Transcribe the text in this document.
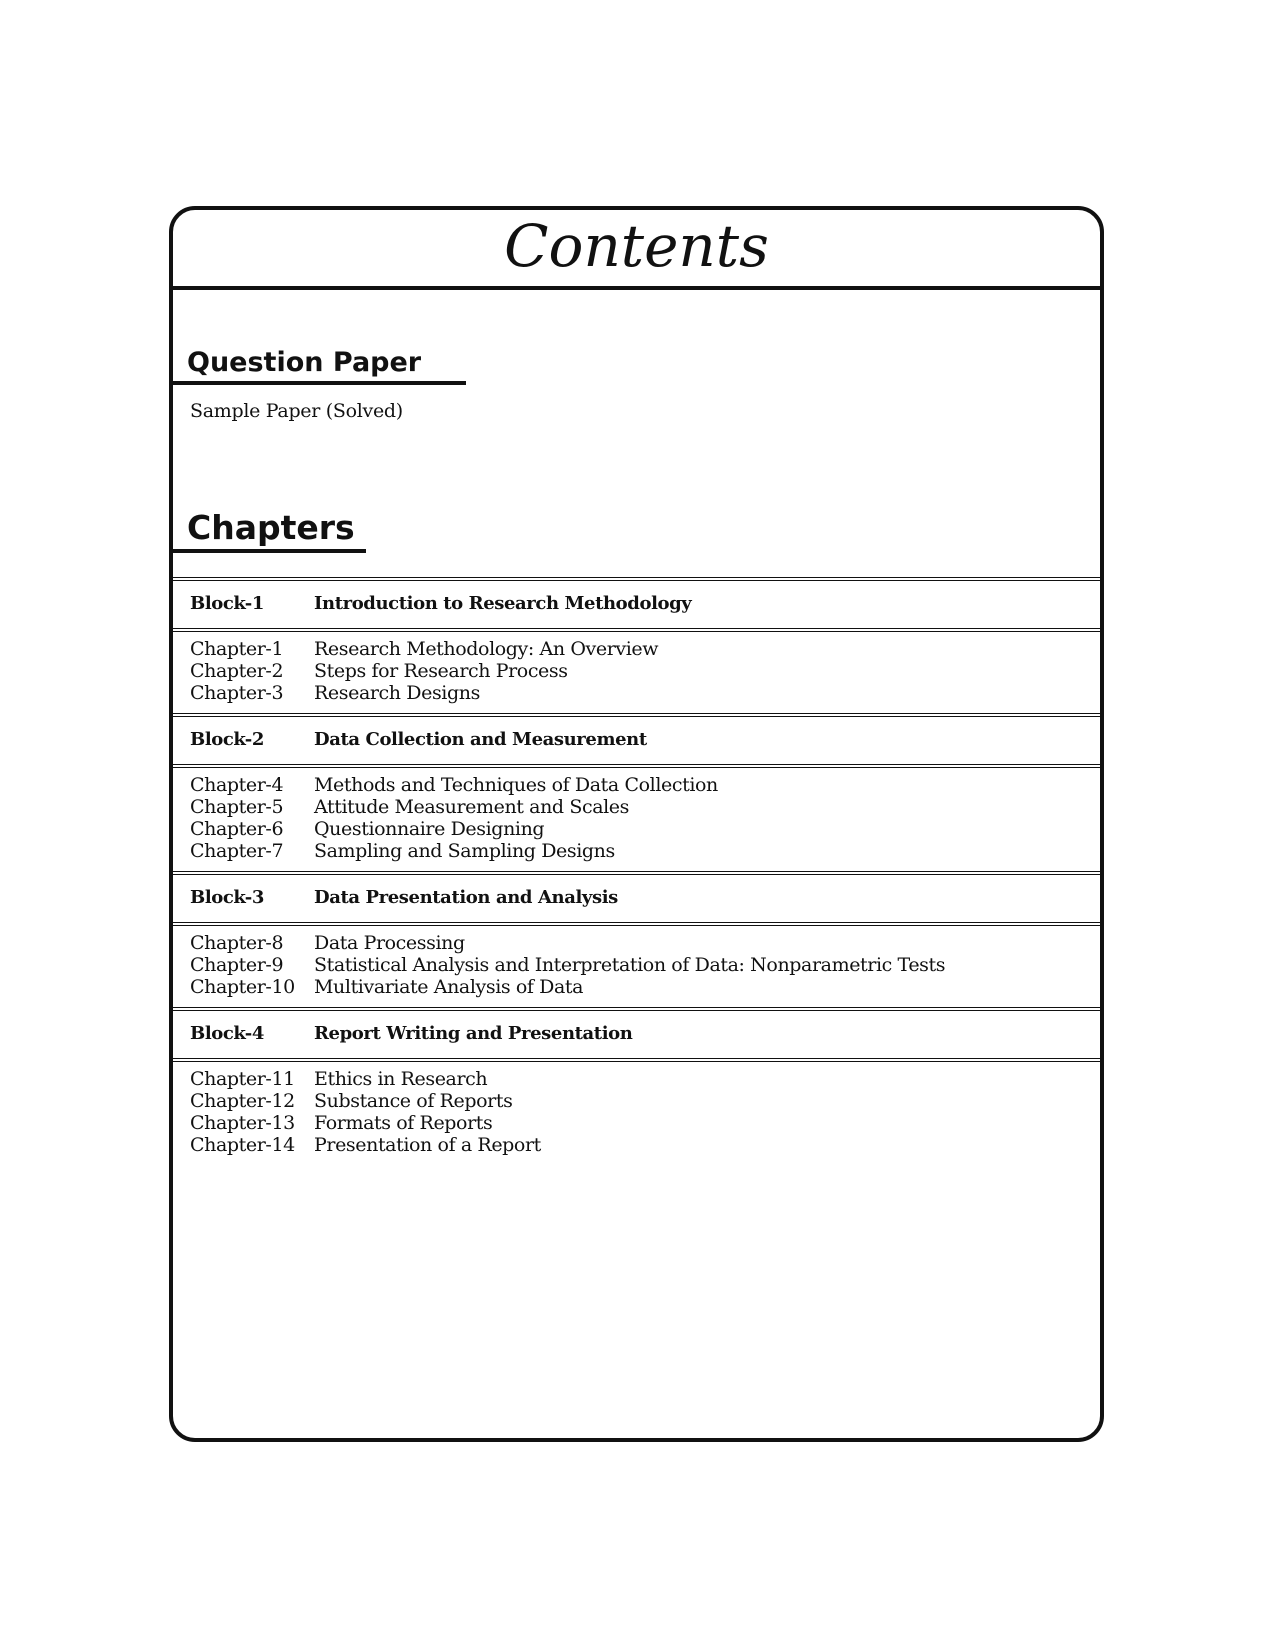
Contents
Question Paper
Sample Paper (Solved)
Chapters
Block-1	Introduction to Research Methodology
Chapter-1 Research Methodology: An Overview
Chapter-2 Steps for Research Process
Chapter-3 Research Designs
Block-2	Data Collection and Measurement
Chapter-4 Methods and Techniques of Data Collection
Chapter-5 Attitude Measurement and Scales
Chapter-6 Questionnaire Designing
Chapter-7 Sampling and Sampling Designs
Block-3	Data Presentation and Analysis
Chapter-8 Data Processing
Chapter-9 Statistical Analysis and Interpretation of Data: Nonparametric Tests
Chapter-10 Multivariate Analysis of Data
Block-4	Report Writing and Presentation
Chapter-11 Ethics in Research
Chapter-12 Substance of Reports
Chapter-13 Formats of Reports
Chapter-14 Presentation of a Report
